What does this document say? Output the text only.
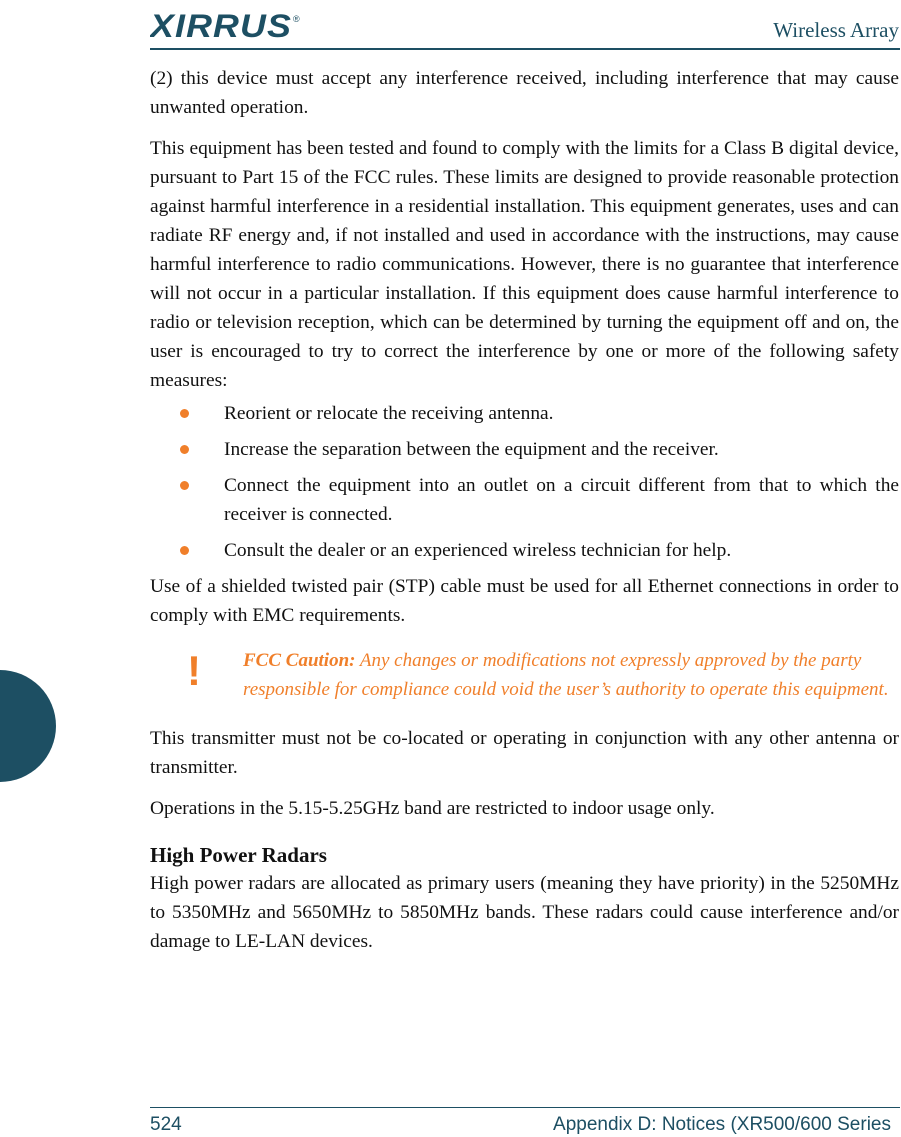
XIRRUS ®	Wireless Array

(2) this device must accept any interference received, including interference that may cause unwanted operation.

This equipment has been tested and found to comply with the limits for a Class B digital device, pursuant to Part 15 of the FCC rules. These limits are designed to provide reasonable protection against harmful interference in a residential installation. This equipment generates, uses and can radiate RF energy and, if not installed and used in accordance with the instructions, may cause harmful interference to radio communications. However, there is no guarantee that interference will not occur in a particular installation. If this equipment does cause harmful interference to radio or television reception, which can be determined by turning the equipment off and on, the user is encouraged to try to correct the interference by one or more of the following safety measures:

Reorient or relocate the receiving antenna.
Increase the separation between the equipment and the receiver.
Connect the equipment into an outlet on a circuit different from that to which the receiver is connected.
Consult the dealer or an experienced wireless technician for help.

Use of a shielded twisted pair (STP) cable must be used for all Ethernet connections in order to comply with EMC requirements.

! FCC Caution: Any changes or modifications not expressly approved by the party responsible for compliance could void the user’s authority to operate this equipment.

This transmitter must not be co-located or operating in conjunction with any other antenna or transmitter.

Operations in the 5.15-5.25GHz band are restricted to indoor usage only.

High Power Radars

High power radars are allocated as primary users (meaning they have priority) in the 5250MHz to 5350MHz and 5650MHz to 5850MHz bands. These radars could cause interference and/or damage to LE-LAN devices.

524	Appendix D: Notices (XR500/600 Series
